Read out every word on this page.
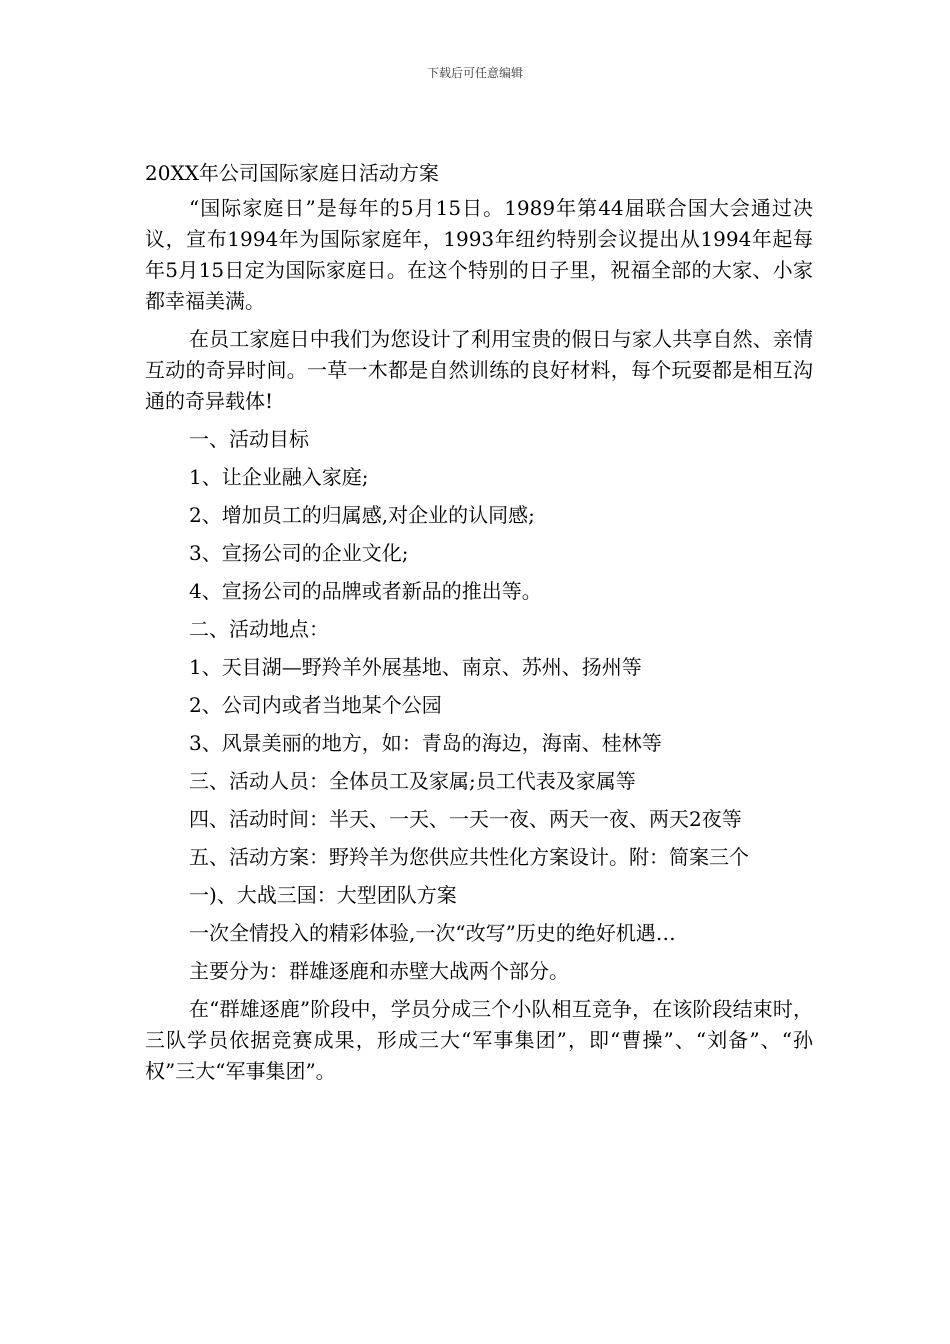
下载后可任意编辑
20XX年公司国际家庭日活动方案

“国际家庭日”是每年的5月15日。1989年第44届联合国大会通过决议，宣布1994年为国际家庭年，1993年纽约特别会议提出从1994年起每年5月15日定为国际家庭日。在这个特别的日子里，祝福全部的大家、小家都幸福美满。

在员工家庭日中我们为您设计了利用宝贵的假日与家人共享自然、亲情互动的奇异时间。一草一木都是自然训练的良好材料，每个玩耍都是相互沟通的奇异载体!

一、活动目标

1、让企业融入家庭;

2、增加员工的归属感,对企业的认同感;

3、宣扬公司的企业文化;

4、宣扬公司的品牌或者新品的推出等。

二、活动地点：

1、天目湖—野羚羊外展基地、南京、苏州、扬州等

2、公司内或者当地某个公园

3、风景美丽的地方，如：青岛的海边，海南、桂林等

三、活动人员：全体员工及家属;员工代表及家属等

四、活动时间：半天、一天、一天一夜、两天一夜、两天2夜等

五、活动方案：野羚羊为您供应共性化方案设计。附：简案三个

一)、大战三国：大型团队方案

一次全情投入的精彩体验,一次“改写”历史的绝好机遇…

主要分为：群雄逐鹿和赤壁大战两个部分。

在“群雄逐鹿”阶段中，学员分成三个小队相互竞争，在该阶段结束时，三队学员依据竞赛成果，形成三大“军事集团”，即“曹操”、“刘备”、“孙权”三大“军事集团”。
